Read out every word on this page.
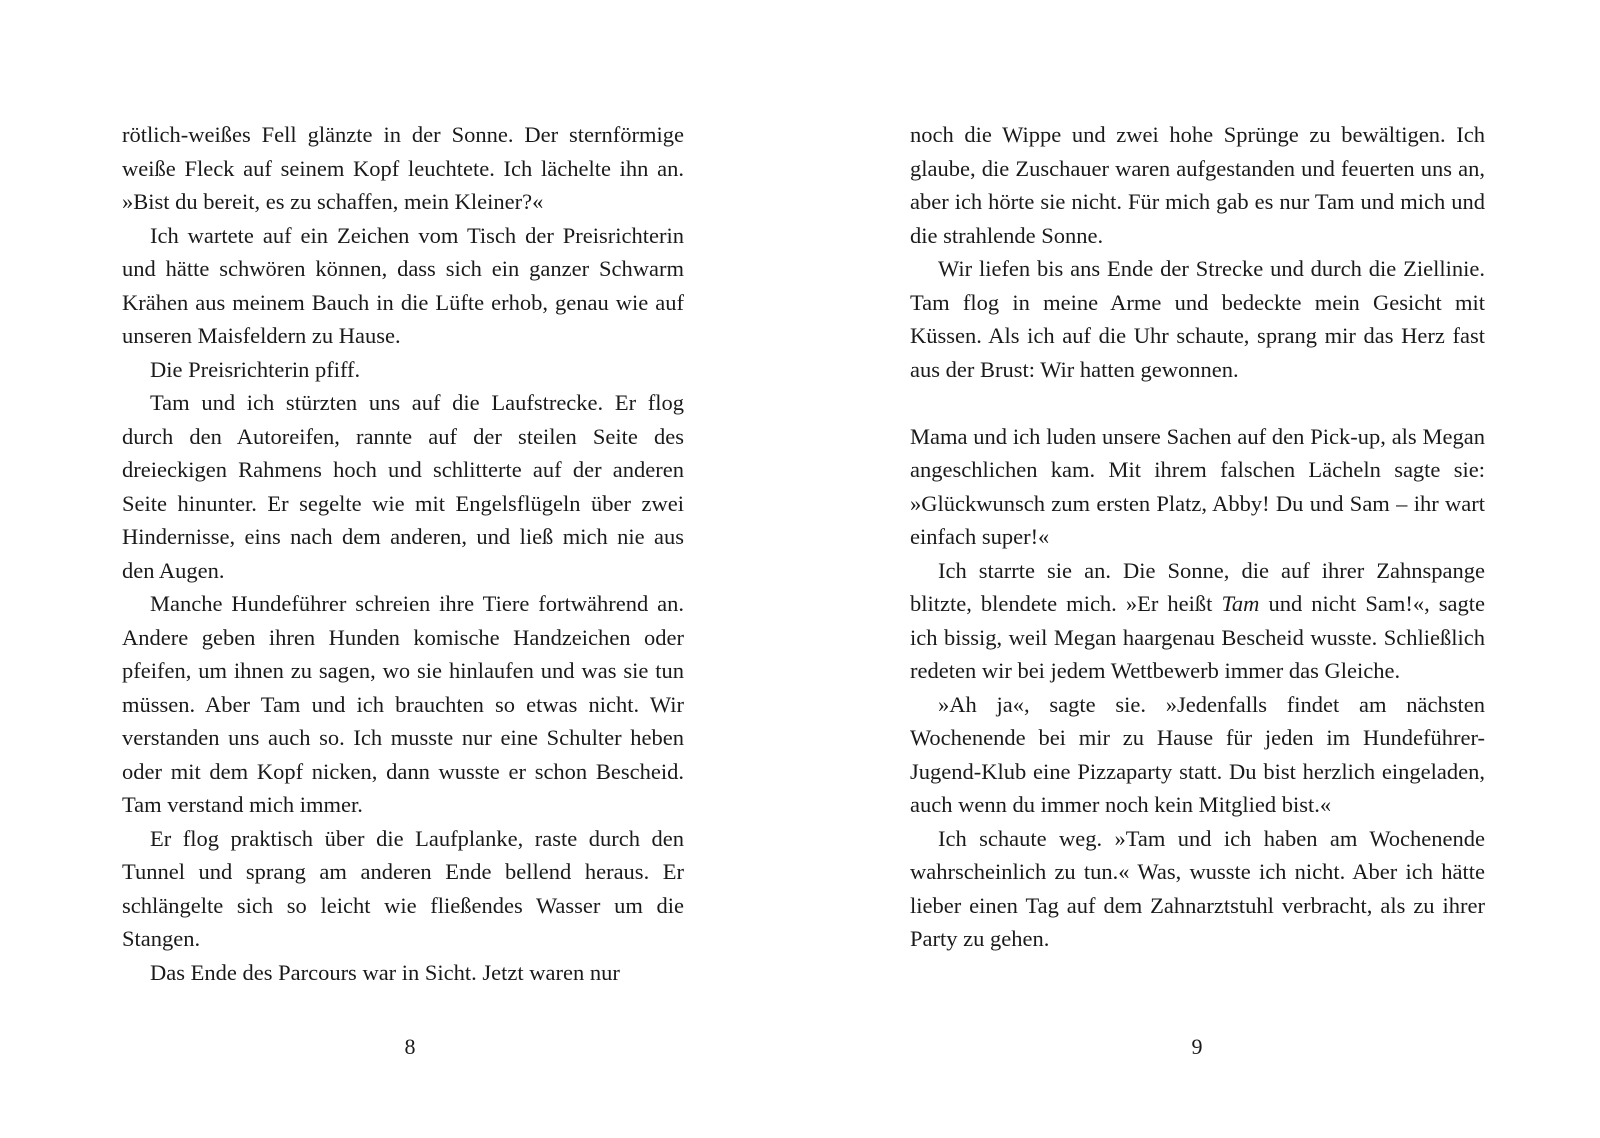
rötlich-weißes Fell glänzte in der Sonne. Der sternförmige weiße Fleck auf seinem Kopf leuchtete. Ich lächelte ihn an. »Bist du bereit, es zu schaffen, mein Kleiner?«

Ich wartete auf ein Zeichen vom Tisch der Preisrichterin und hätte schwören können, dass sich ein ganzer Schwarm Krähen aus meinem Bauch in die Lüfte erhob, genau wie auf unseren Maisfeldern zu Hause.

Die Preisrichterin pfiff.

Tam und ich stürzten uns auf die Laufstrecke. Er flog durch den Autoreifen, rannte auf der steilen Seite des dreieckigen Rahmens hoch und schlitterte auf der anderen Seite hinunter. Er segelte wie mit Engelsflügeln über zwei Hindernisse, eins nach dem anderen, und ließ mich nie aus den Augen.

Manche Hundeführer schreien ihre Tiere fortwährend an. Andere geben ihren Hunden komische Handzeichen oder pfeifen, um ihnen zu sagen, wo sie hinlaufen und was sie tun müssen. Aber Tam und ich brauchten so etwas nicht. Wir verstanden uns auch so. Ich musste nur eine Schulter heben oder mit dem Kopf nicken, dann wusste er schon Bescheid. Tam verstand mich immer.

Er flog praktisch über die Laufplanke, raste durch den Tunnel und sprang am anderen Ende bellend heraus. Er schlängelte sich so leicht wie fließendes Wasser um die Stangen.

Das Ende des Parcours war in Sicht. Jetzt waren nur

noch die Wippe und zwei hohe Sprünge zu bewältigen. Ich glaube, die Zuschauer waren aufgestanden und feuerten uns an, aber ich hörte sie nicht. Für mich gab es nur Tam und mich und die strahlende Sonne.

Wir liefen bis ans Ende der Strecke und durch die Ziellinie. Tam flog in meine Arme und bedeckte mein Gesicht mit Küssen. Als ich auf die Uhr schaute, sprang mir das Herz fast aus der Brust: Wir hatten gewonnen.

Mama und ich luden unsere Sachen auf den Pick-up, als Megan angeschlichen kam. Mit ihrem falschen Lächeln sagte sie: »Glückwunsch zum ersten Platz, Abby! Du und Sam – ihr wart einfach super!«

Ich starrte sie an. Die Sonne, die auf ihrer Zahnspange blitzte, blendete mich. »Er heißt Tam und nicht Sam!«, sagte ich bissig, weil Megan haargenau Bescheid wusste. Schließlich redeten wir bei jedem Wettbewerb immer das Gleiche.

»Ah ja«, sagte sie. »Jedenfalls findet am nächsten Wochenende bei mir zu Hause für jeden im Hundeführer-Jugend-Klub eine Pizzaparty statt. Du bist herzlich eingeladen, auch wenn du immer noch kein Mitglied bist.«

Ich schaute weg. »Tam und ich haben am Wochenende wahrscheinlich zu tun.« Was, wusste ich nicht. Aber ich hätte lieber einen Tag auf dem Zahnarztstuhl verbracht, als zu ihrer Party zu gehen.

8	9
